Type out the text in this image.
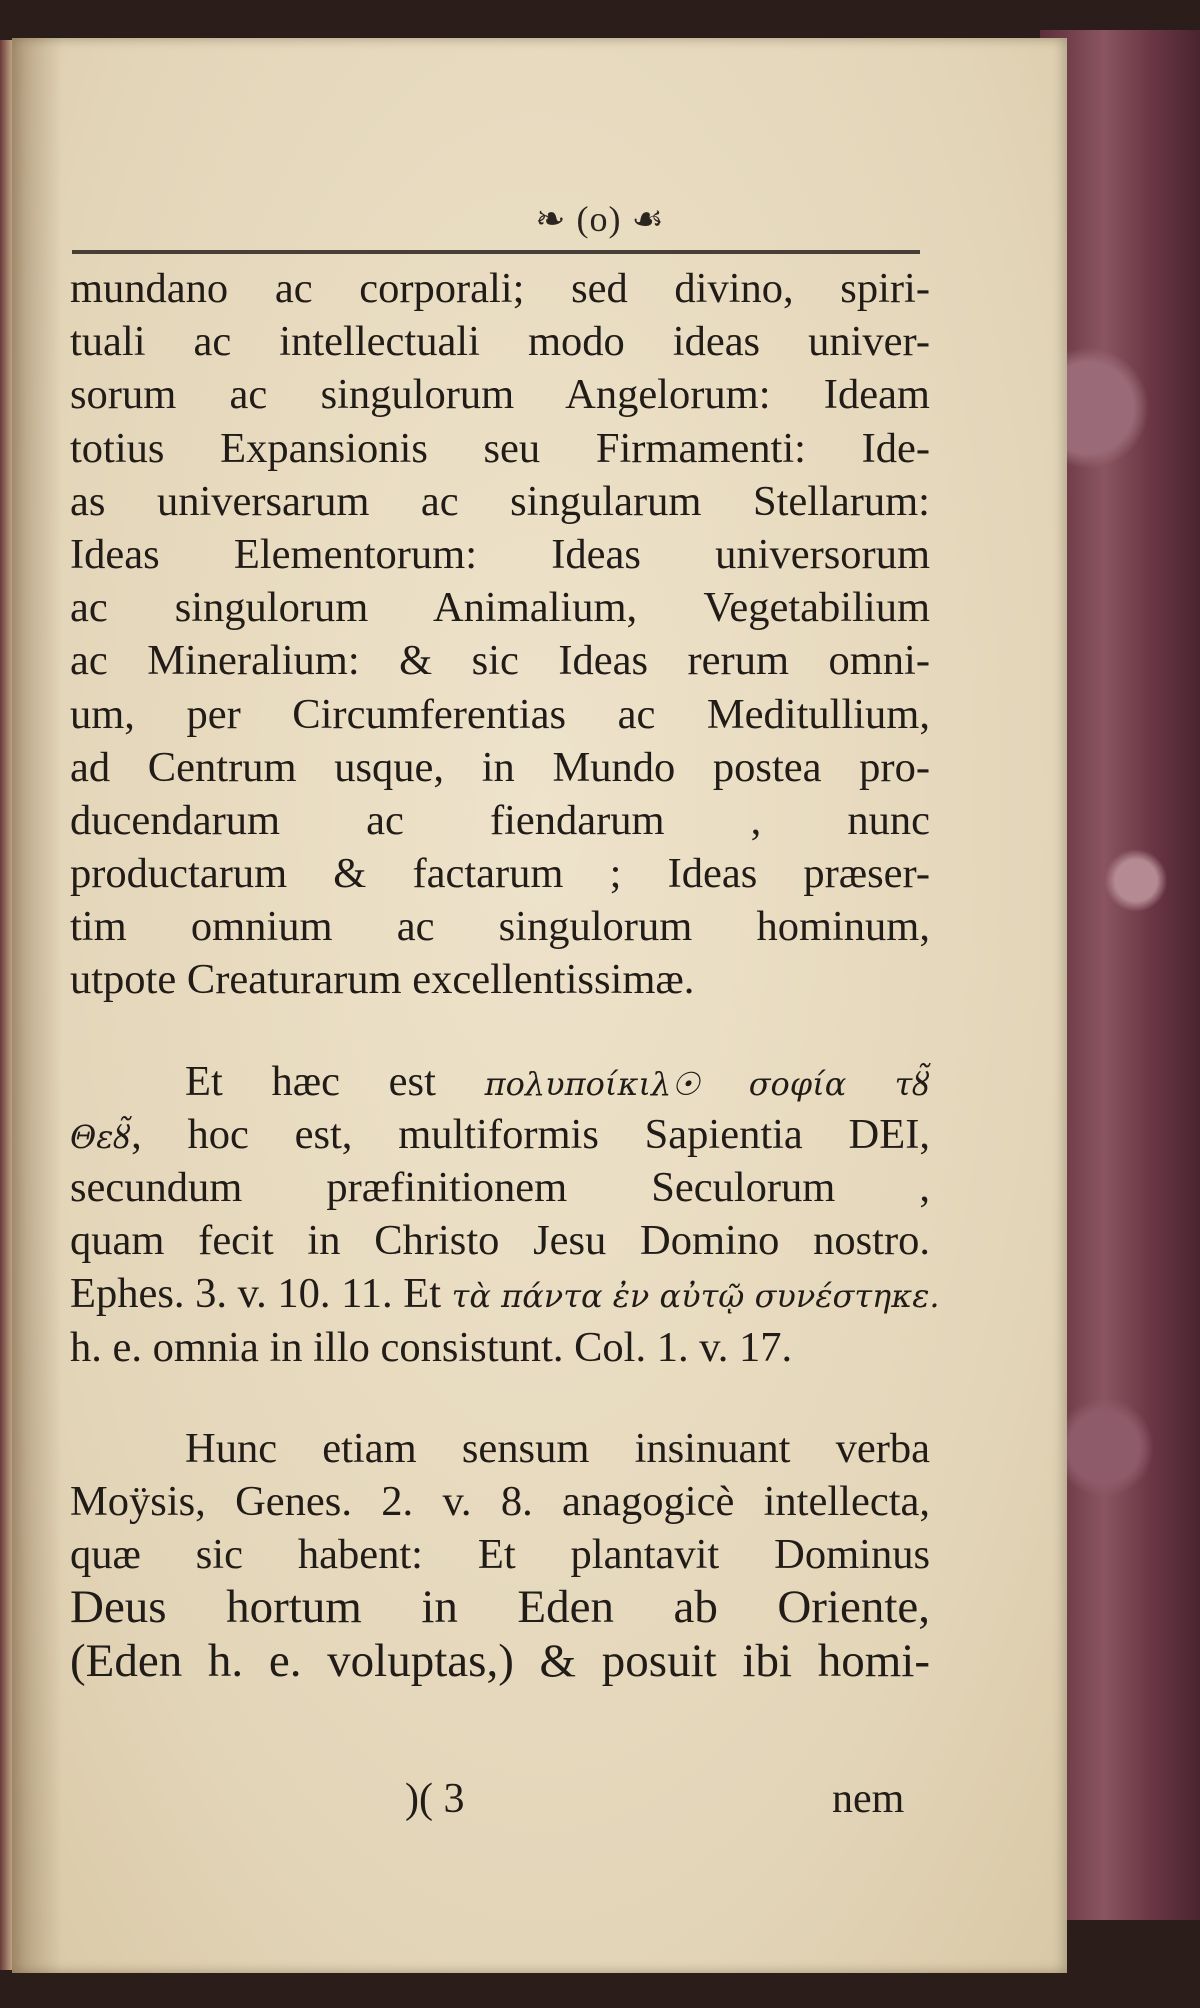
❧ (o) ☙
mundano ac corporali; sed divino, spiri-
tuali ac intellectuali modo ideas univer-
sorum ac singulorum Angelorum: Ideam
totius Expansionis seu Firmamenti: Ide-
as universarum ac singularum Stellarum:
Ideas Elementorum: Ideas universorum
ac singulorum Animalium, Vegetabilium
ac Mineralium: & sic Ideas rerum omni-
um, per Circumferentias ac Meditullium,
ad Centrum usque, in Mundo postea pro-
ducendarum ac fiendarum , nunc
productarum & factarum ; Ideas præser-
tim omnium ac singulorum hominum,
utpote Creaturarum excellentissimæ.
Et hæc est πολυποίκιλ☉ σοφία τȣ̃
Θεȣ̃, hoc est, multiformis Sapientia DEI,
secundum præfinitionem Seculorum ,
quam fecit in Christo Jesu Domino nostro.
Ephes. 3. v. 10. 11. Et τὰ πάντα ἐν αὐτῷ συνέστηκε.
h. e. omnia in illo consistunt. Col. 1. v. 17.
Hunc etiam sensum insinuant verba
Moÿsis, Genes. 2. v. 8. anagogicè intellecta,
quæ sic habent: Et plantavit Dominus
Deus hortum in Eden ab Oriente,
(Eden h. e. voluptas,) & posuit ibi homi-
)( 3	nem
